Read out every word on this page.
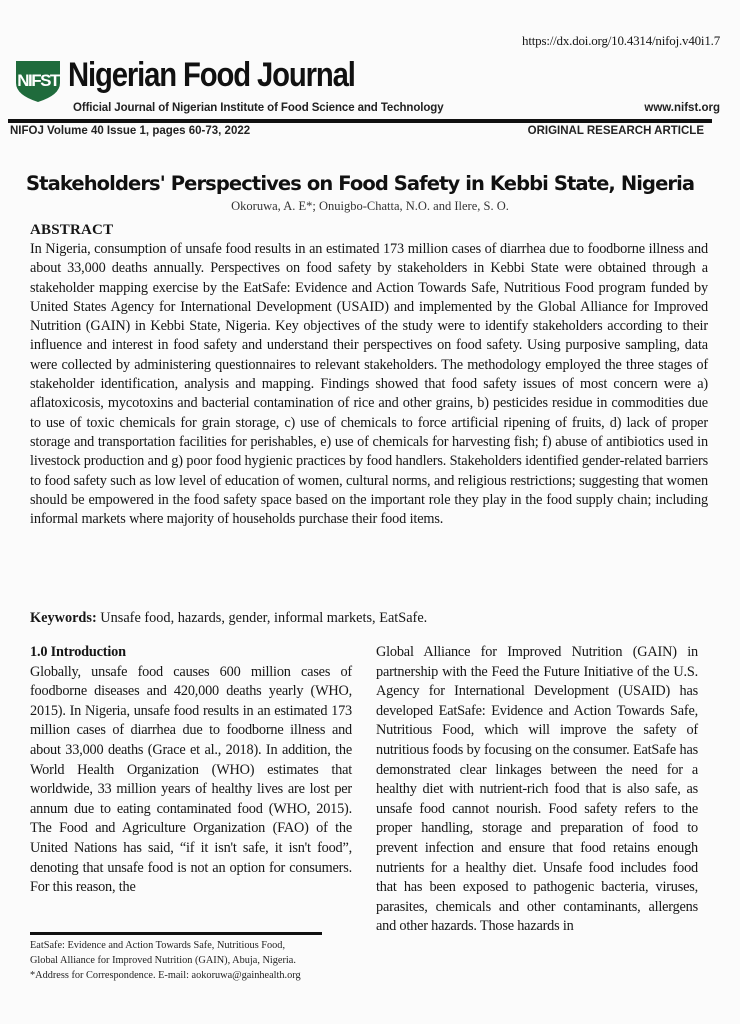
https://dx.doi.org/10.4314/nifoj.v40i1.7
NIFST Nigerian Food Journal
Official Journal of Nigerian Institute of Food Science and Technology	www.nifst.org
NIFOJ Volume 40 Issue 1, pages 60-73, 2022	ORIGINAL RESEARCH ARTICLE
Stakeholders' Perspectives on Food Safety in Kebbi State, Nigeria
Okoruwa, A. E*; Onuigbo-Chatta, N.O. and Ilere, S. O.
ABSTRACT
In Nigeria, consumption of unsafe food results in an estimated 173 million cases of diarrhea due to foodborne illness and about 33,000 deaths annually. Perspectives on food safety by stakeholders in Kebbi State were obtained through a stakeholder mapping exercise by the EatSafe: Evidence and Action Towards Safe, Nutritious Food program funded by United States Agency for International Development (USAID) and implemented by the Global Alliance for Improved Nutrition (GAIN) in Kebbi State, Nigeria. Key objectives of the study were to identify stakeholders according to their influence and interest in food safety and understand their perspectives on food safety. Using purposive sampling, data were collected by administering questionnaires to relevant stakeholders. The methodology employed the three stages of stakeholder identification, analysis and mapping. Findings showed that food safety issues of most concern were a) aflatoxicosis, mycotoxins and bacterial contamination of rice and other grains, b) pesticides residue in commodities due to use of toxic chemicals for grain storage, c) use of chemicals to force artificial ripening of fruits, d) lack of proper storage and transportation facilities for perishables, e) use of chemicals for harvesting fish; f) abuse of antibiotics used in livestock production and g) poor food hygienic practices by food handlers. Stakeholders identified gender-related barriers to food safety such as low level of education of women, cultural norms, and religious restrictions; suggesting that women should be empowered in the food safety space based on the important role they play in the food supply chain; including informal markets where majority of households purchase their food items.
Keywords: Unsafe food, hazards, gender, informal markets, EatSafe.
1.0 Introduction
Globally, unsafe food causes 600 million cases of foodborne diseases and 420,000 deaths yearly (WHO, 2015). In Nigeria, unsafe food results in an estimated 173 million cases of diarrhea due to foodborne illness and about 33,000 deaths (Grace et al., 2018). In addition, the World Health Organization (WHO) estimates that worldwide, 33 million years of healthy lives are lost per annum due to eating contaminated food (WHO, 2015). The Food and Agriculture Organization (FAO) of the United Nations has said, “if it isn't safe, it isn't food”, denoting that unsafe food is not an option for consumers. For this reason, the
Global Alliance for Improved Nutrition (GAIN) in partnership with the Feed the Future Initiative of the U.S. Agency for International Development (USAID) has developed EatSafe: Evidence and Action Towards Safe, Nutritious Food, which will improve the safety of nutritious foods by focusing on the consumer. EatSafe has demonstrated clear linkages between the need for a healthy diet with nutrient-rich food that is also safe, as unsafe food cannot nourish. Food safety refers to the proper handling, storage and preparation of food to prevent infection and ensure that food retains enough nutrients for a healthy diet. Unsafe food includes food that has been exposed to pathogenic bacteria, viruses, parasites, chemicals and other contaminants, allergens and other hazards. Those hazards in
EatSafe: Evidence and Action Towards Safe, Nutritious Food,
Global Alliance for Improved Nutrition (GAIN), Abuja, Nigeria.
*Address for Correspondence. E-mail: aokoruwa@gainhealth.org
